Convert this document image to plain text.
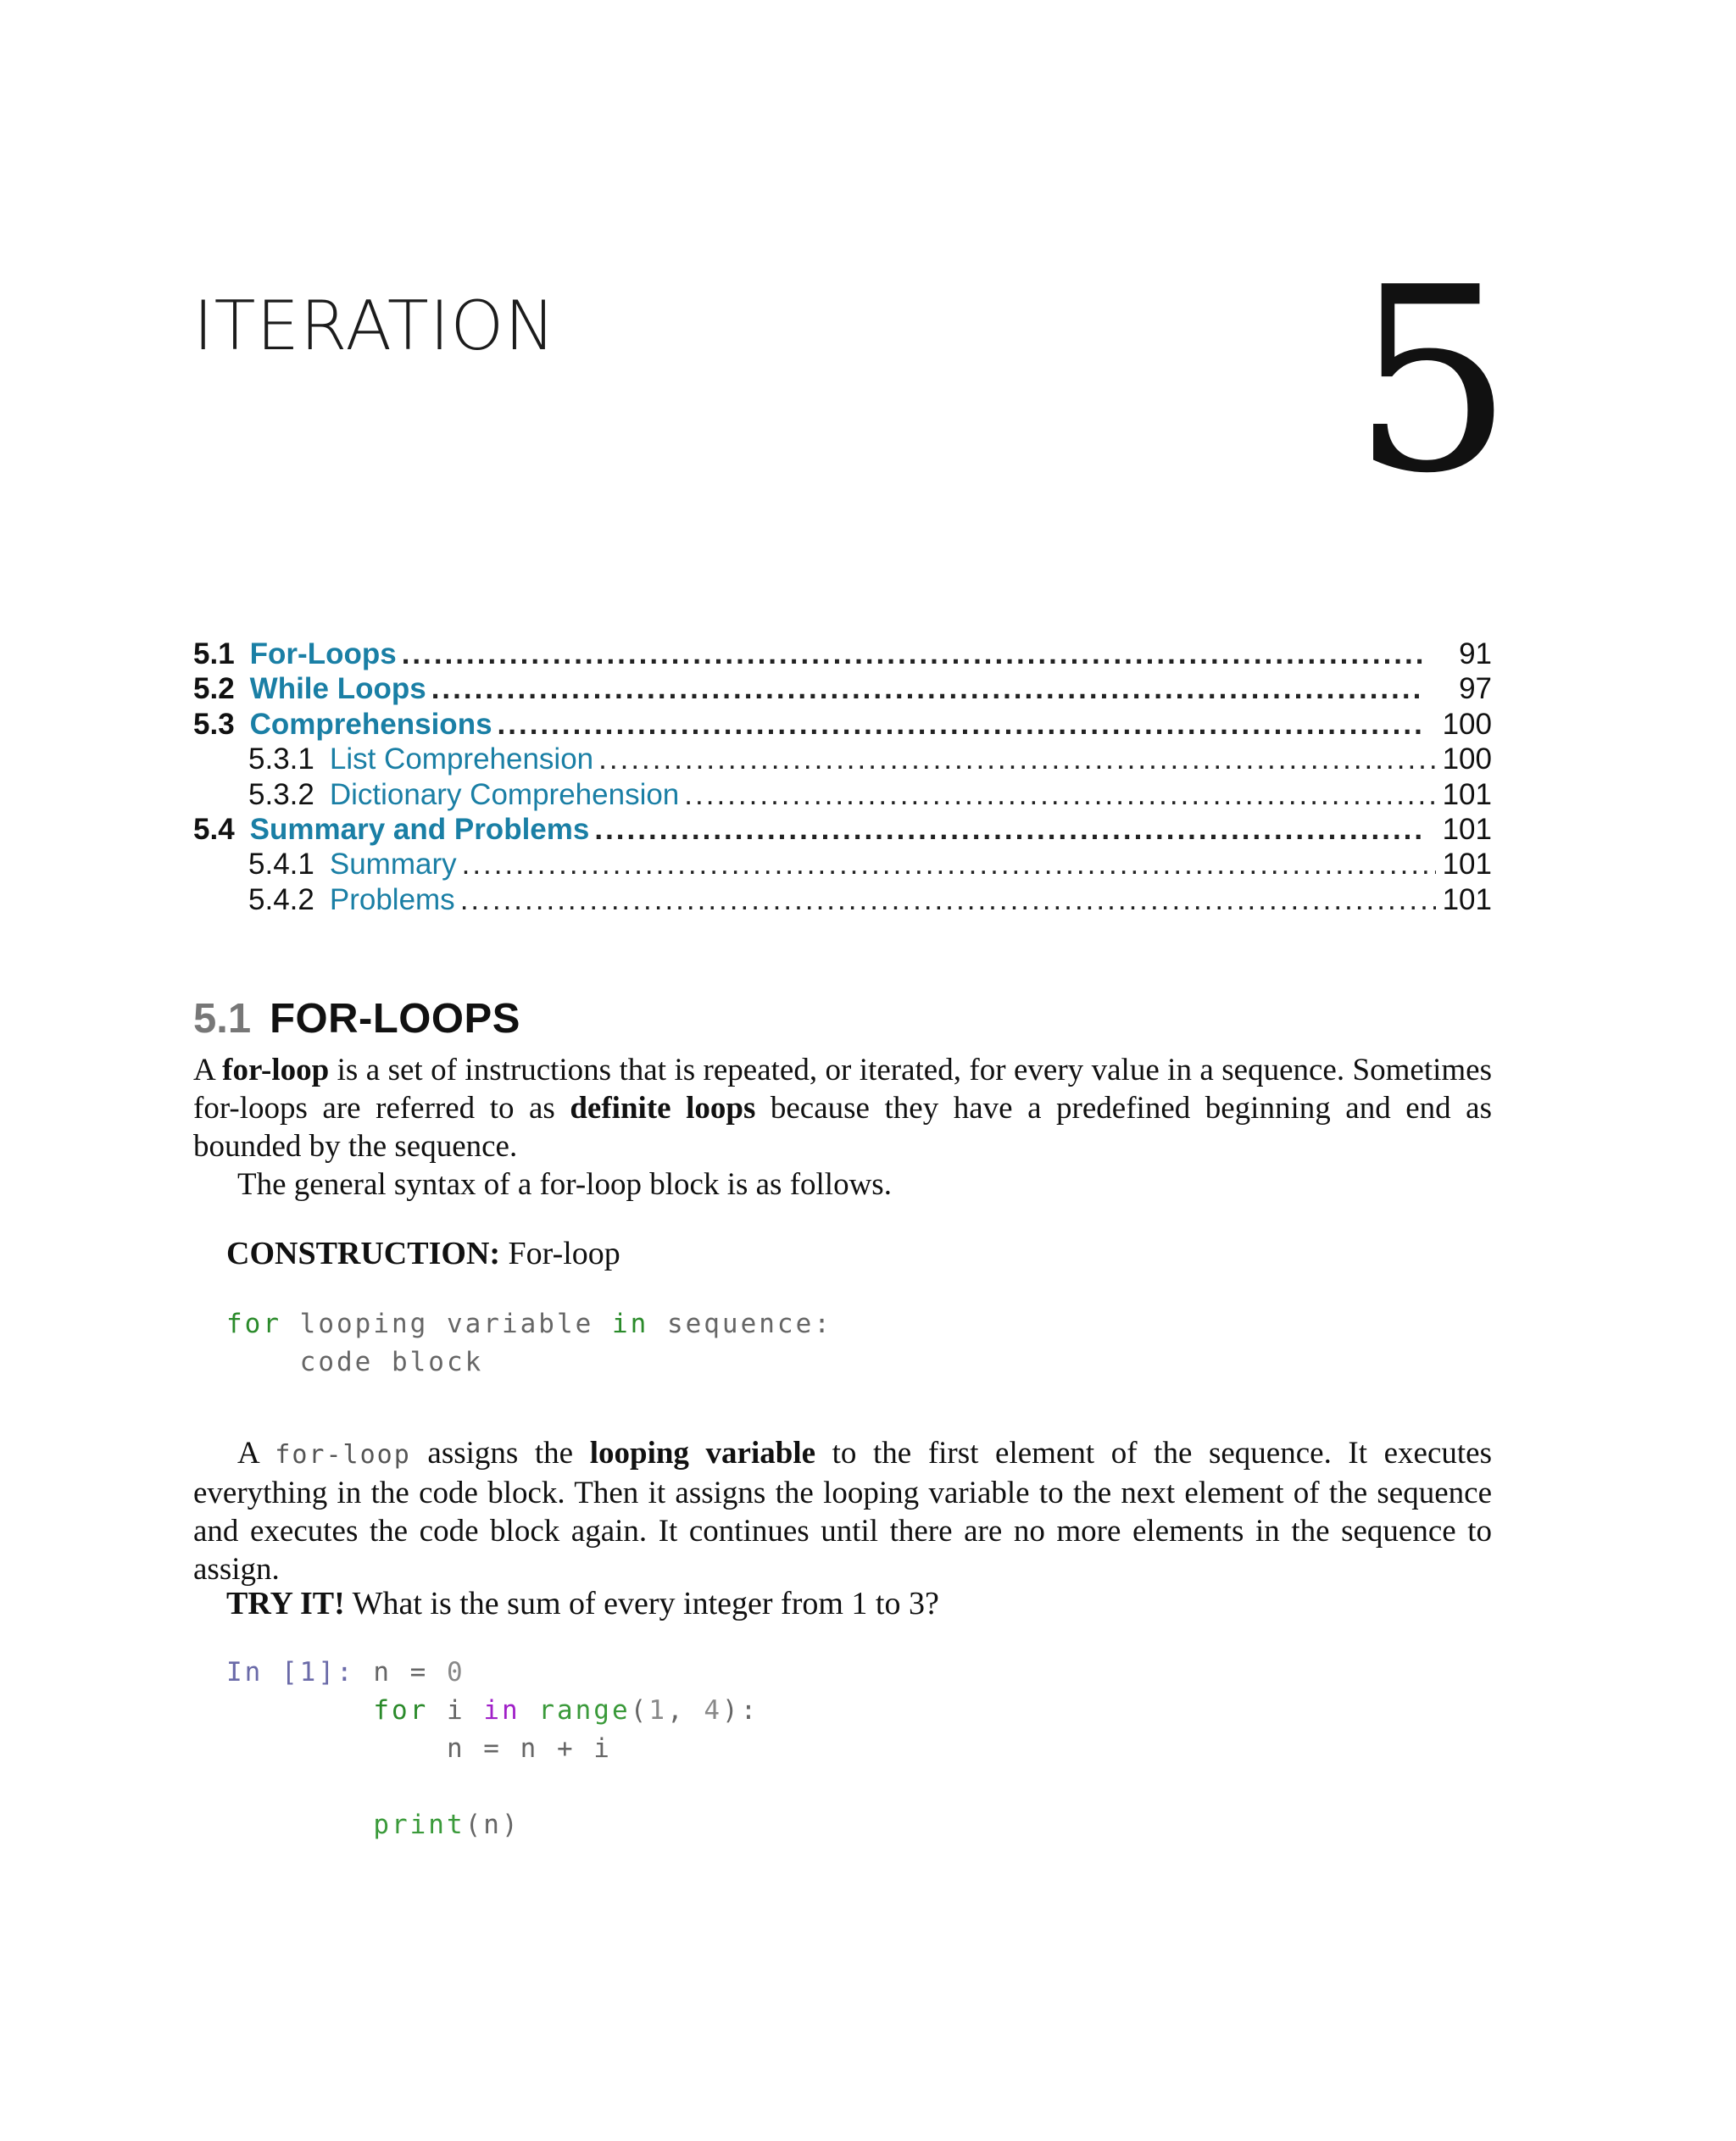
ITERATION	5
5.1 For-Loops .....	91
5.2 While Loops .....	97
5.3 Comprehensions .....	100
5.3.1 List Comprehension .....	100
5.3.2 Dictionary Comprehension .....	101
5.4 Summary and Problems .....	101
5.4.1 Summary .....	101
5.4.2 Problems .....	101
5.1 FOR-LOOPS

A for-loop is a set of instructions that is repeated, or iterated, for every value in a sequence. Sometimes for-loops are referred to as definite loops because they have a predefined beginning and end as bounded by the sequence.

The general syntax of a for-loop block is as follows.

CONSTRUCTION: For-loop
for looping variable in sequence:
code block

A for-loop assigns the looping variable to the first element of the sequence. It executes everything in the code block. Then it assigns the looping variable to the next element of the sequence and executes the code block again. It continues until there are no more elements in the sequence to assign.

TRY IT! What is the sum of every integer from 1 to 3?
In [1]: n = 0
for i in range(1, 4):
n = n + i

print(n)
